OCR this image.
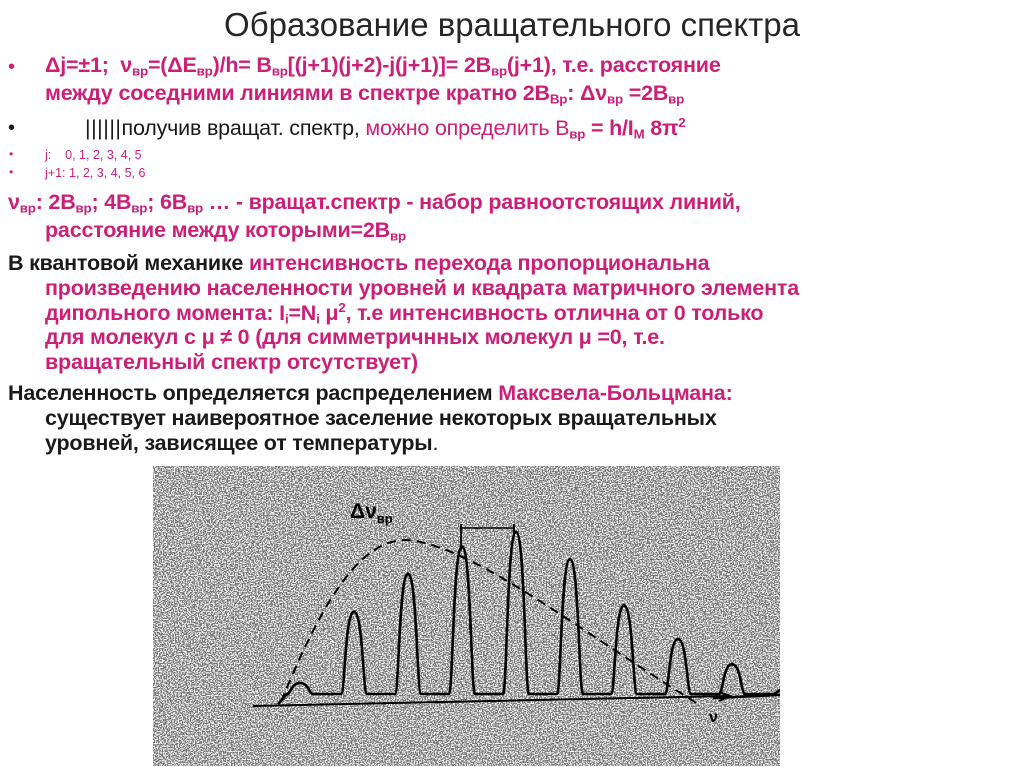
Образование вращательного спектра
• Δj=±1; $\nu_{вр}=(\Delta E_{вр})/h= B_{вр}[(j+1)(j+2)-j(j+1)]= 2B_{вр}(j+1)$, т.е. расстояние
между соседними линиями в спектре кратно $2B_{Вр}$: $\Delta\nu_{вр} =2B_{вр}$
•	||||||получив вращат. спектр, можно определить $B_{вр} = h/I_M$ $8\pi^2$
•	j: 0, 1, 2, 3, 4, 5
•	j+1: 1, 2, 3, 4, 5, 6
$\nu_{вр}$: $2B_{вр}$; $4B_{вр}$; $6B_{вр}$ … - вращат.спектр - набор равноотстоящих линий,
расстояние между $которыми=2B_{вр}$
В квантовой механике интенсивность перехода пропорциональна
произведению населенности уровней и квадрата матричного элемента
дипольного момента: $I_i=N_i$ $\mu^2$, т.е интенсивность отлична от 0 только
для молекул с μ ≠ 0 (для симметричнных молекул μ =0, т.е.
вращательный спектр отсутствует)
Населенность определяется распределением Максвела-Больцмана:
существует наивероятное заселение некоторых вращательных
уровней, зависящее от температуры.
$\Delta\nu_{вр}$
ν
